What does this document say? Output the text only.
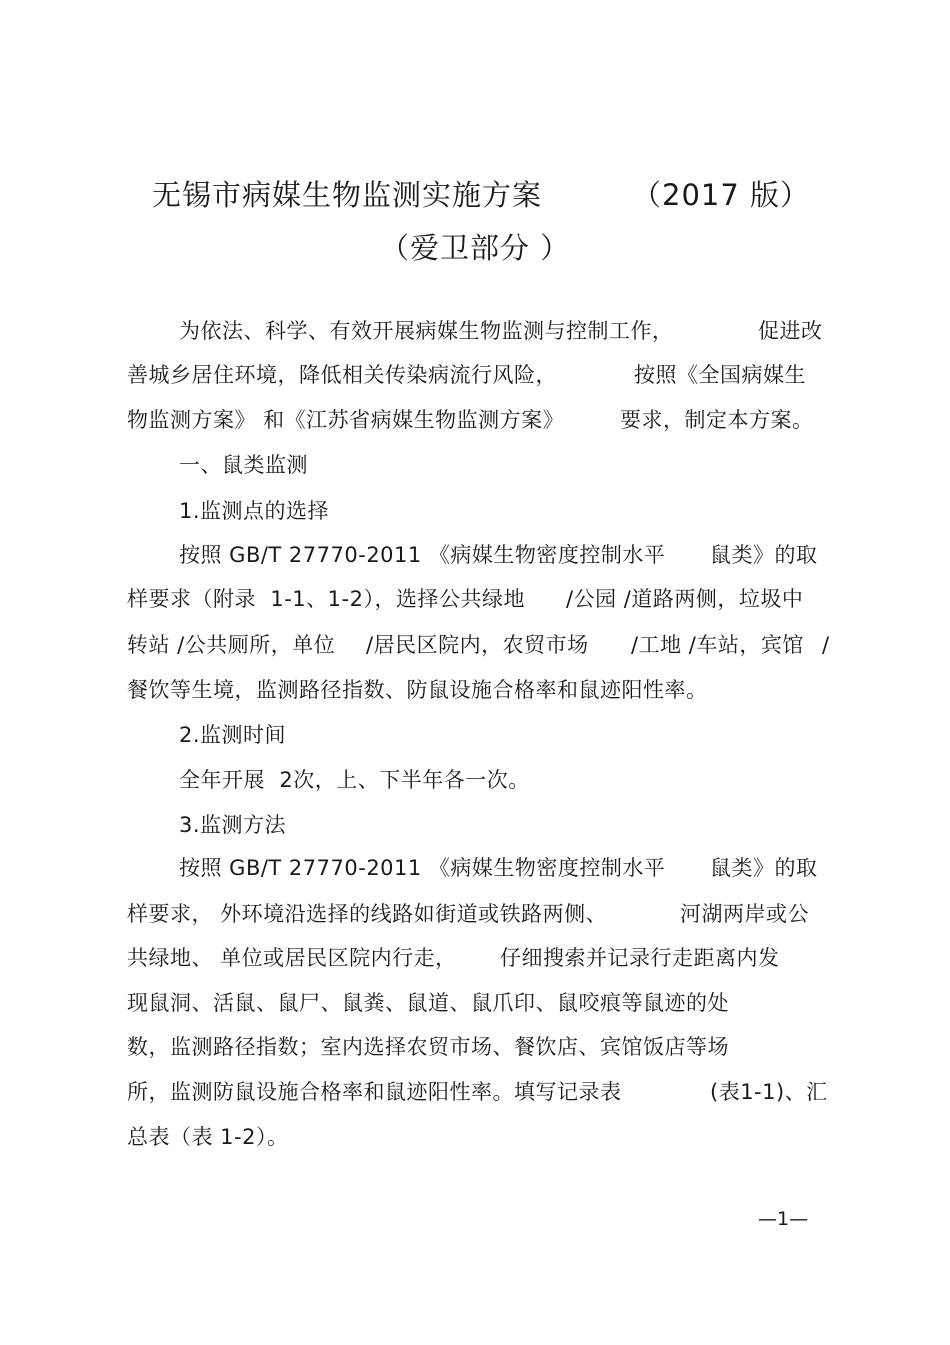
无锡市病媒生物监测实施方案	（2017 版）
（爱卫部分 ）
为依法、科学、有效开展病媒生物监测与控制工作，	促进改
善城乡居住环境，降低相关传染病流行风险，	按照《全国病媒生
物监测方案》 和《江苏省病媒生物监测方案》	要求，制定本方案。
一、鼠类监测
1.监测点的选择
按照 GB/T 27770-2011 《病媒生物密度控制水平 鼠类》的取
样要求（附录  1-1、1-2），选择公共绿地 /公园 /道路两侧，垃圾中
转站 /公共厕所，单位 /居民区院内，农贸市场 /工地 /车站，宾馆 /
餐饮等生境，监测路径指数、防鼠设施合格率和鼠迹阳性率。
2.监测时间
全年开展  2次，上、下半年各一次。
3.监测方法
按照 GB/T 27770-2011 《病媒生物密度控制水平 鼠类》的取
样要求， 外环境沿选择的线路如街道或铁路两侧、	河湖两岸或公
共绿地、 单位或居民区院内行走， 仔细搜索并记录行走距离内发
现鼠洞、活鼠、鼠尸、鼠粪、鼠道、鼠爪印、鼠咬痕等鼠迹的处
数，监测路径指数；室内选择农贸市场、餐饮店、宾馆饭店等场
所，监测防鼠设施合格率和鼠迹阳性率。填写记录表	(表1-1)、汇
总表（表 1-2）。
—1—
